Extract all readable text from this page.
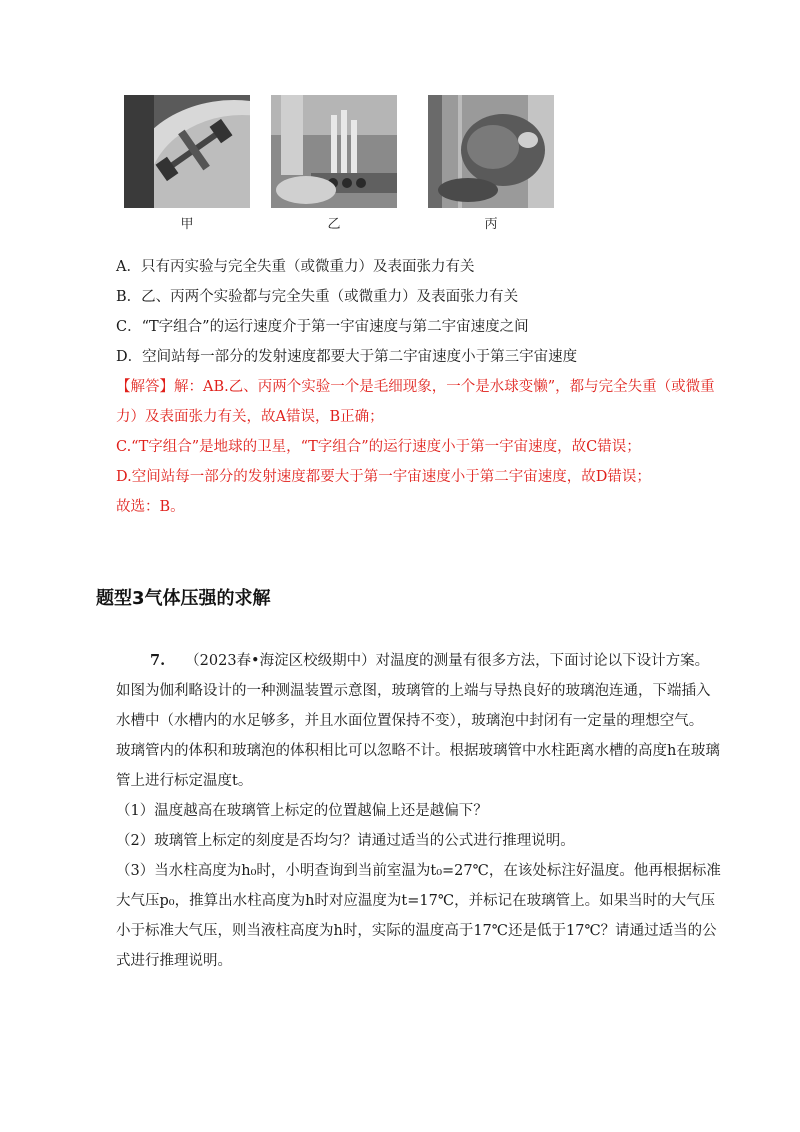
甲	乙	丙
A．只有丙实验与完全失重（或微重力）及表面张力有关
B．乙、丙两个实验都与完全失重（或微重力）及表面张力有关
C．“T字组合”的运行速度介于第一宇宙速度与第二宇宙速度之间
D．空间站每一部分的发射速度都要大于第二宇宙速度小于第三宇宙速度
【解答】解：AB.乙、丙两个实验一个是毛细现象，一个是水球变懒”，都与完全失重（或微重
力）及表面张力有关，故A错误，B正确；
C.“T字组合”是地球的卫星，“T字组合”的运行速度小于第一宇宙速度，故C错误；
D.空间站每一部分的发射速度都要大于第一宇宙速度小于第二宇宙速度，故D错误；
故选：B。
题型3气体压强的求解
7. （2023春•海淀区校级期中）对温度的测量有很多方法，下面讨论以下设计方案。
如图为伽利略设计的一种测温装置示意图，玻璃管的上端与导热良好的玻璃泡连通，下端插入
水槽中（水槽内的水足够多，并且水面位置保持不变），玻璃泡中封闭有一定量的理想空气。
玻璃管内的体积和玻璃泡的体积相比可以忽略不计。根据玻璃管中水柱距离水槽的高度h在玻璃
管上进行标定温度t。
（1）温度越高在玻璃管上标定的位置越偏上还是越偏下？
（2）玻璃管上标定的刻度是否均匀？请通过适当的公式进行推理说明。
（3）当水柱高度为h₀时，小明查询到当前室温为t₀=27℃，在该处标注好温度。他再根据标准
大气压p₀，推算出水柱高度为h时对应温度为t=17℃，并标记在玻璃管上。如果当时的大气压
小于标准大气压，则当液柱高度为h时，实际的温度高于17℃还是低于17℃？请通过适当的公
式进行推理说明。
